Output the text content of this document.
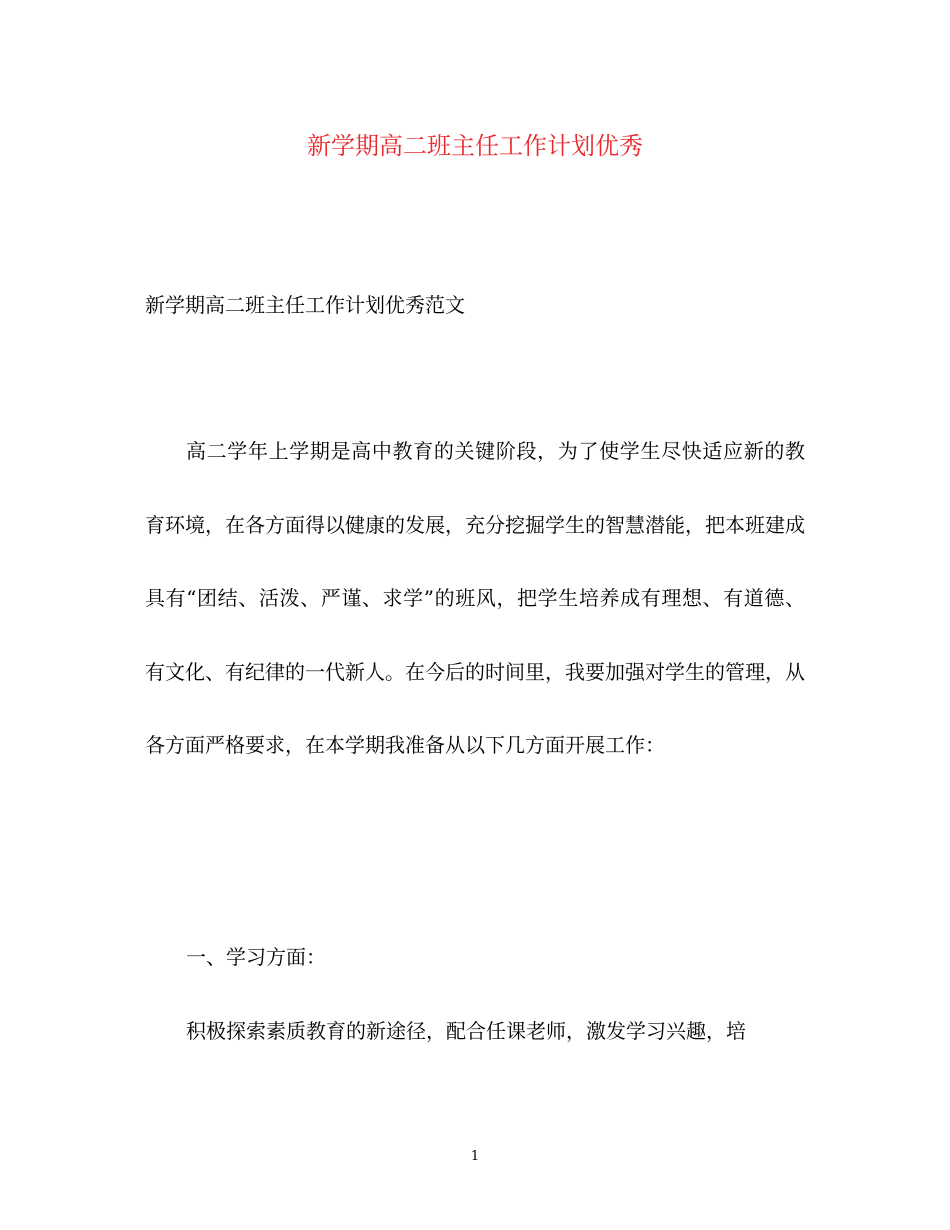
新学期高二班主任工作计划优秀
新学期高二班主任工作计划优秀范文

高二学年上学期是高中教育的关键阶段，为了使学生尽快适应新的教育环境，在各方面得以健康的发展，充分挖掘学生的智慧潜能，把本班建成具有“团结、活泼、严谨、求学”的班风，把学生培养成有理想、有道德、有文化、有纪律的一代新人。在今后的时间里，我要加强对学生的管理，从各方面严格要求，在本学期我准备从以下几方面开展工作：

一、学习方面：

积极探索素质教育的新途径，配合任课老师，激发学习兴趣，培

1
